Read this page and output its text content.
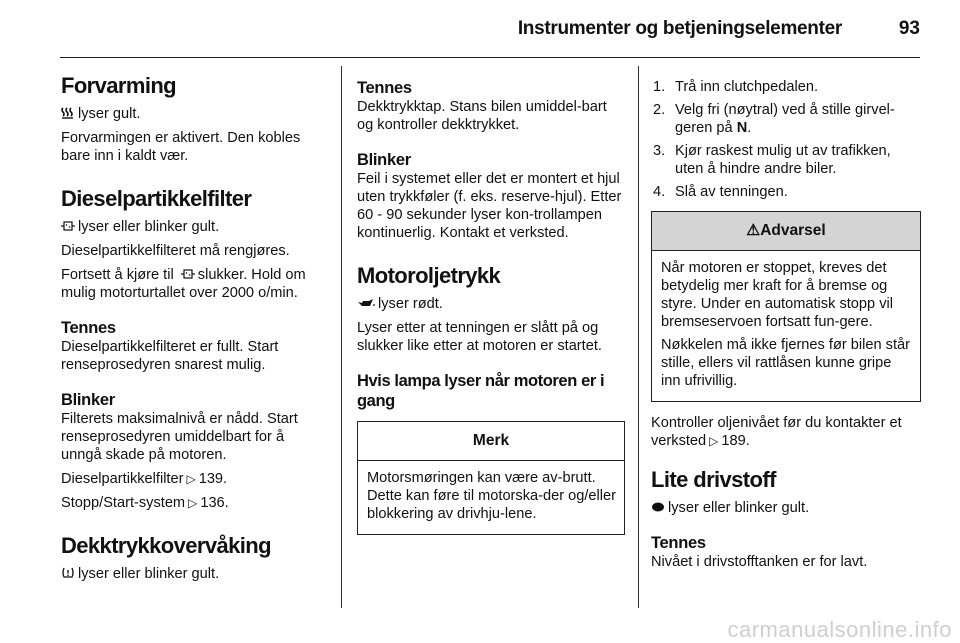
Instrumenter og betjeningselementer	93
Forvarming
lyser gult.
Forvarmingen er aktivert. Den kobles bare inn i kaldt vær.
Dieselpartikkelfilter
lyser eller blinker gult.
Dieselpartikkelfilteret må rengjøres.
Fortsett å kjøre til slukker. Hold om mulig motorturtallet over 2000 o/min.
Tennes
Dieselpartikkelfilteret er fullt. Start renseprosedyren snarest mulig.
Blinker
Filterets maksimalnivå er nådd. Start renseprosedyren umiddelbart for å unngå skade på motoren.
Dieselpartikkelfilter ▷ 139.
Stopp/Start-system ▷ 136.
Dekktrykkovervåking
lyser eller blinker gult.
Tennes
Dekktrykktap. Stans bilen umiddel-bart og kontroller dekktrykket.
Blinker
Feil i systemet eller det er montert et hjul uten trykkføler (f. eks. reserve-hjul). Etter 60 - 90 sekunder lyser kon-trollampen kontinuerlig. Kontakt et verksted.
Motoroljetrykk
lyser rødt.
Lyser etter at tenningen er slått på og slukker like etter at motoren er startet.
Hvis lampa lyser når motoren er i gang
Merk
Motorsmøringen kan være av-brutt. Dette kan føre til motorska-der og/eller blokkering av drivhju-lene.
1. Trå inn clutchpedalen.
2. Velg fri (nøytral) ved å stille girvel-geren på N.
3. Kjør raskest mulig ut av trafikken, uten å hindre andre biler.
4. Slå av tenningen.
⚠Advarsel
Når motoren er stoppet, kreves det betydelig mer kraft for å bremse og styre. Under en automatisk stopp vil bremseservoen fortsatt fun-gere.
Nøkkelen må ikke fjernes før bilen står stille, ellers vil rattlåsen kunne gripe inn ufrivillig.
Kontroller oljenivået før du kontakter et verksted ▷ 189.
Lite drivstoff
lyser eller blinker gult.
Tennes
Nivået i drivstofftanken er for lavt.
carmanualsonline.info
